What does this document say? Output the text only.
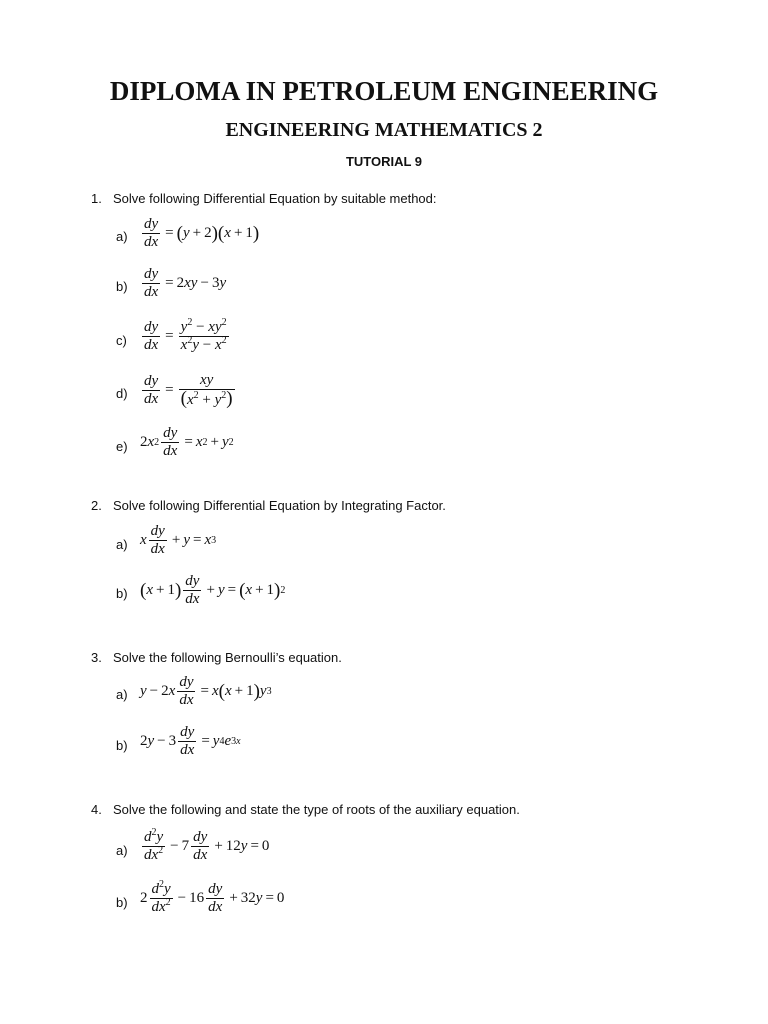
DIPLOMA IN PETROLEUM ENGINEERING
ENGINEERING MATHEMATICS 2
TUTORIAL 9
1. Solve following Differential Equation by suitable method:
$a) \frac{dy}{dx}$ = ( y + 2 )( x + 1 )
$b) \frac{dy}{dx} = 2$ xy − 3 y
$c) \frac{dy}{dx} = \frac{y^2 - xy^2}{x^2y - x^2}$
$d) \frac{dy}{dx} = \frac{xy}{(x^2 + y^2)}$
e) 2 x $2 \frac{dy}{dx} = x$ 2 + y 2
2. Solve following Differential Equation by Integrating Factor.
a) x $\frac{dy}{dx} + y = x$ 3
b) ( x + 1 ) $\frac{dy}{dx} + y$ = ( x + 1 ) 2
3. Solve the following Bernoulli’s equation.
a) y − 2 x $\frac{dy}{dx} = x$ ( x + 1 ) y 3
b) 2 $y - 3 \frac{dy}{dx} = y$ 4 e 3x
4. Solve the following and state the type of roots of the auxiliary equation.
$a) \frac{d^2y}{dx^2} - 7 \frac{dy}{dx} + 12$ y = 0
b) $2 \frac{d^2y}{dx^2} - 16 \frac{dy}{dx} + 32$ y = 0
